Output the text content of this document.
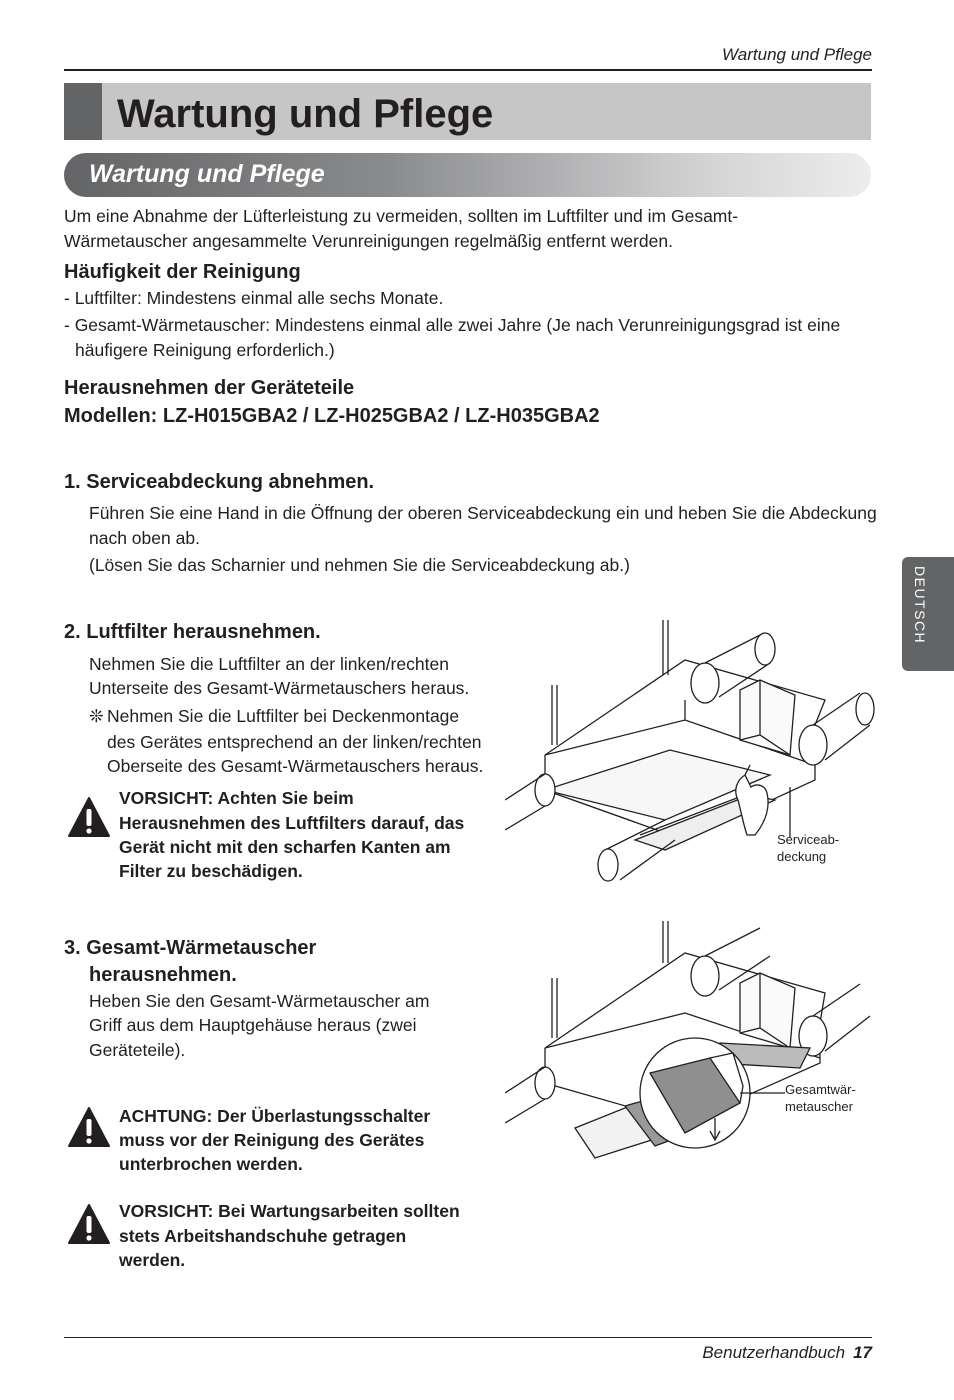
Wartung und Pflege
Wartung und Pflege
Wartung und Pflege
Um eine Abnahme der Lüfterleistung zu vermeiden, sollten im Luftfilter und im Gesamt-
Wärmetauscher angesammelte Verunreinigungen regelmäßig entfernt werden.
Häufigkeit der Reinigung
- Luftfilter: Mindestens einmal alle sechs Monate.
- Gesamt-Wärmetauscher: Mindestens einmal alle zwei Jahre (Je nach Verunreinigungsgrad ist eine
häufigere Reinigung erforderlich.)
Herausnehmen der Geräteteile
Modellen: LZ-H015GBA2 / LZ-H025GBA2 / LZ-H035GBA2
1. Serviceabdeckung abnehmen.
Führen Sie eine Hand in die Öffnung der oberen Serviceabdeckung ein und heben Sie die Abdeckung
nach oben ab.
(Lösen Sie das Scharnier und nehmen Sie die Serviceabdeckung ab.)
2. Luftfilter herausnehmen.
Nehmen Sie die Luftfilter an der linken/rechten
Unterseite des Gesamt-Wärmetauschers heraus.
❊ Nehmen Sie die Luftfilter bei Deckenmontage
des Gerätes entsprechend an der linken/rechten
Oberseite des Gesamt-Wärmetauschers heraus.
VORSICHT: Achten Sie beim
Herausnehmen des Luftfilters darauf, das
Gerät nicht mit den scharfen Kanten am
Filter zu beschädigen.
Serviceab-
deckung
3. Gesamt-Wärmetauscher
herausnehmen.
Heben Sie den Gesamt-Wärmetauscher am
Griff aus dem Hauptgehäuse heraus (zwei
Geräteteile).
Gesamtwär-
metauscher
ACHTUNG: Der Überlastungsschalter
muss vor der Reinigung des Gerätes
unterbrochen werden.
VORSICHT: Bei Wartungsarbeiten sollten
stets Arbeitshandschuhe getragen
werden.
DEUTSCH
Benutzerhandbuch 17
